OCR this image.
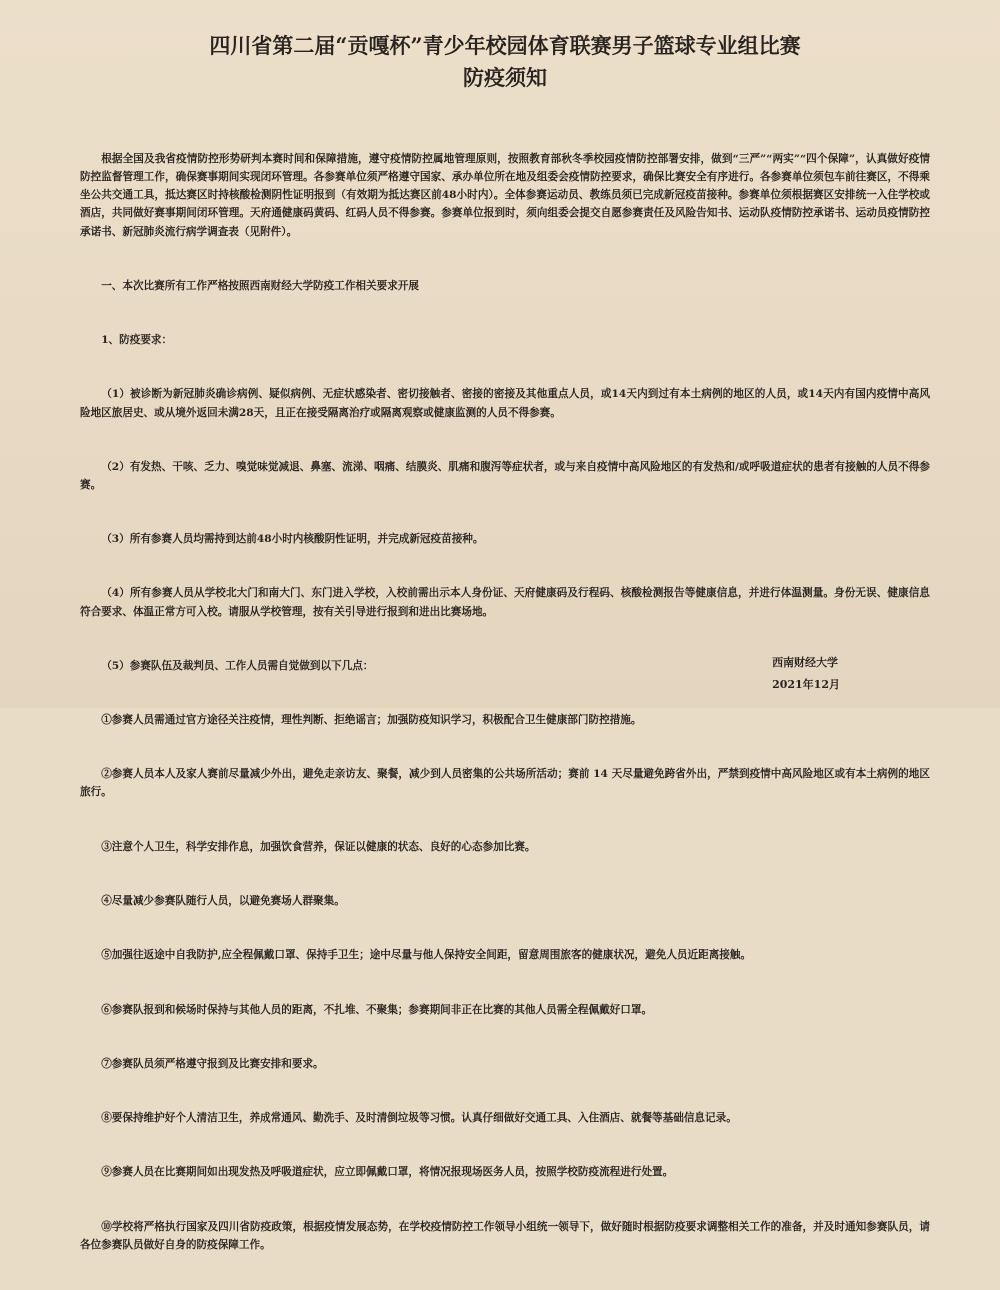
四川省第二届“贡嘎杯”青少年校园体育联赛男子篮球专业组比赛
防疫须知

根据全国及我省疫情防控形势研判本赛时间和保障措施，遵守疫情防控属地管理原则，按照教育部秋冬季校园疫情防控部署安排，做到“三严”“两实”“四个保障”，认真做好疫情防控监督管理工作，确保赛事期间实现闭环管理。各参赛单位须严格遵守国家、承办单位所在地及组委会疫情防控要求，确保比赛安全有序进行。各参赛单位须包车前往赛区，不得乘坐公共交通工具，抵达赛区时持核酸检测阴性证明报到（有效期为抵达赛区前48小时内）。全体参赛运动员、教练员须已完成新冠疫苗接种。参赛单位须根据赛区安排统一入住学校或酒店，共同做好赛事期间闭环管理。天府通健康码黄码、红码人员不得参赛。参赛单位报到时，须向组委会提交自愿参赛责任及风险告知书、运动队疫情防控承诺书、运动员疫情防控承诺书、新冠肺炎流行病学调查表（见附件）。

一、本次比赛所有工作严格按照西南财经大学防疫工作相关要求开展

1、防疫要求：

（1）被诊断为新冠肺炎确诊病例、疑似病例、无症状感染者、密切接触者、密接的密接及其他重点人员，或14天内到过有本土病例的地区的人员，或14天内有国内疫情中高风险地区旅居史、或从境外返回未满28天，且正在接受隔离治疗或隔离观察或健康监测的人员不得参赛。

（2）有发热、干咳、乏力、嗅觉味觉减退、鼻塞、流涕、咽痛、结膜炎、肌痛和腹泻等症状者，或与来自疫情中高风险地区的有发热和/或呼吸道症状的患者有接触的人员不得参赛。

（3）所有参赛人员均需持到达前48小时内核酸阴性证明，并完成新冠疫苗接种。

（4）所有参赛人员从学校北大门和南大门、东门进入学校，入校前需出示本人身份证、天府健康码及行程码、核酸检测报告等健康信息，并进行体温测量。身份无误、健康信息符合要求、体温正常方可入校。请服从学校管理，按有关引导进行报到和进出比赛场地。

（5）参赛队伍及裁判员、工作人员需自觉做到以下几点：

①参赛人员需通过官方途径关注疫情，理性判断、拒绝谣言；加强防疫知识学习，积极配合卫生健康部门防控措施。

②参赛人员本人及家人赛前尽量减少外出，避免走亲访友、聚餐，减少到人员密集的公共场所活动；赛前 14 天尽量避免跨省外出，严禁到疫情中高风险地区或有本土病例的地区旅行。

③注意个人卫生，科学安排作息，加强饮食营养，保证以健康的状态、良好的心态参加比赛。

④尽量减少参赛队随行人员，以避免赛场人群聚集。

⑤加强往返途中自我防护,应全程佩戴口罩、保持手卫生；途中尽量与他人保持安全间距，留意周围旅客的健康状况，避免人员近距离接触。

⑥参赛队报到和候场时保持与其他人员的距离，不扎堆、不聚集；参赛期间非正在比赛的其他人员需全程佩戴好口罩。

⑦参赛队员须严格遵守报到及比赛安排和要求。

⑧要保持维护好个人清洁卫生，养成常通风、勤洗手、及时清倒垃圾等习惯。认真仔细做好交通工具、入住酒店、就餐等基础信息记录。

⑨参赛人员在比赛期间如出现发热及呼吸道症状，应立即佩戴口罩，将情况报现场医务人员，按照学校防疫流程进行处置。

⑩学校将严格执行国家及四川省防疫政策，根据疫情发展态势，在学校疫情防控工作领导小组统一领导下，做好随时根据防疫要求调整相关工作的准备，并及时通知参赛队员，请各位参赛队员做好自身的防疫保障工作。

西南财经大学
2021年12月
